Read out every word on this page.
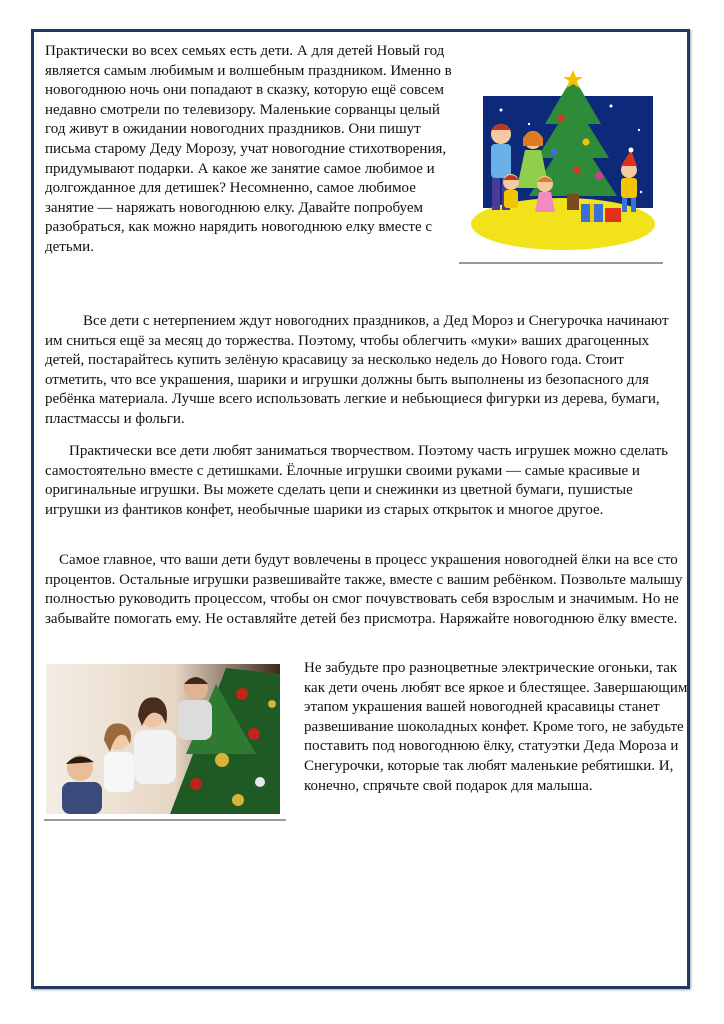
Практически во всех семьях есть дети. А для детей Новый год является самым любимым и волшебным праздником. Именно в новогоднюю ночь они попадают в сказку, которую ещё совсем недавно смотрели по телевизору. Маленькие сорванцы целый год живут в ожидании новогодних праздников. Они пишут письма старому Деду Морозу, учат новогодние стихотворения, придумывают подарки. А какое же занятие самое любимое и долгожданное для детишек? Несомненно, самое любимое занятие — наряжать новогоднюю елку. Давайте попробуем разобраться, как можно нарядить новогоднюю елку вместе с детьми.

Все дети с нетерпением ждут новогодних праздников, а Дед Мороз и Снегурочка начинают им сниться ещё за месяц до торжества. Поэтому, чтобы облегчить «муки» ваших драгоценных детей, постарайтесь купить зелёную красавицу за несколько недель до Нового года. Стоит отметить, что все украшения, шарики и игрушки должны быть выполнены из безопасного для ребёнка материала. Лучше всего использовать легкие и небьющиеся фигурки из дерева, бумаги, пластмассы и фольги.

Практически все дети любят заниматься творчеством. Поэтому часть игрушек можно сделать самостоятельно вместе с детишками. Ёлочные игрушки своими руками — самые красивые и оригинальные игрушки. Вы можете сделать цепи и снежинки из цветной бумаги, пушистые игрушки из фантиков конфет, необычные шарики из старых открыток и многое другое.

Самое главное, что ваши дети будут вовлечены в процесс украшения новогодней ёлки на все сто процентов. Остальные игрушки развешивайте также, вместе с вашим ребёнком. Позвольте малышу полностью руководить процессом, чтобы он смог почувствовать себя взрослым и значимым. Но не забывайте помогать ему. Не оставляйте детей без присмотра. Наряжайте новогоднюю ёлку вместе.

Не забудьте про разноцветные электрические огоньки, так как дети очень любят все яркое и блестящее. Завершающим этапом украшения вашей новогодней красавицы станет развешивание шоколадных конфет. Кроме того, не забудьте поставить под новогоднюю ёлку, статуэтки Деда Мороза и Снегурочки, которые так любят маленькие ребятишки. И, конечно, спрячьте свой подарок для малыша.
